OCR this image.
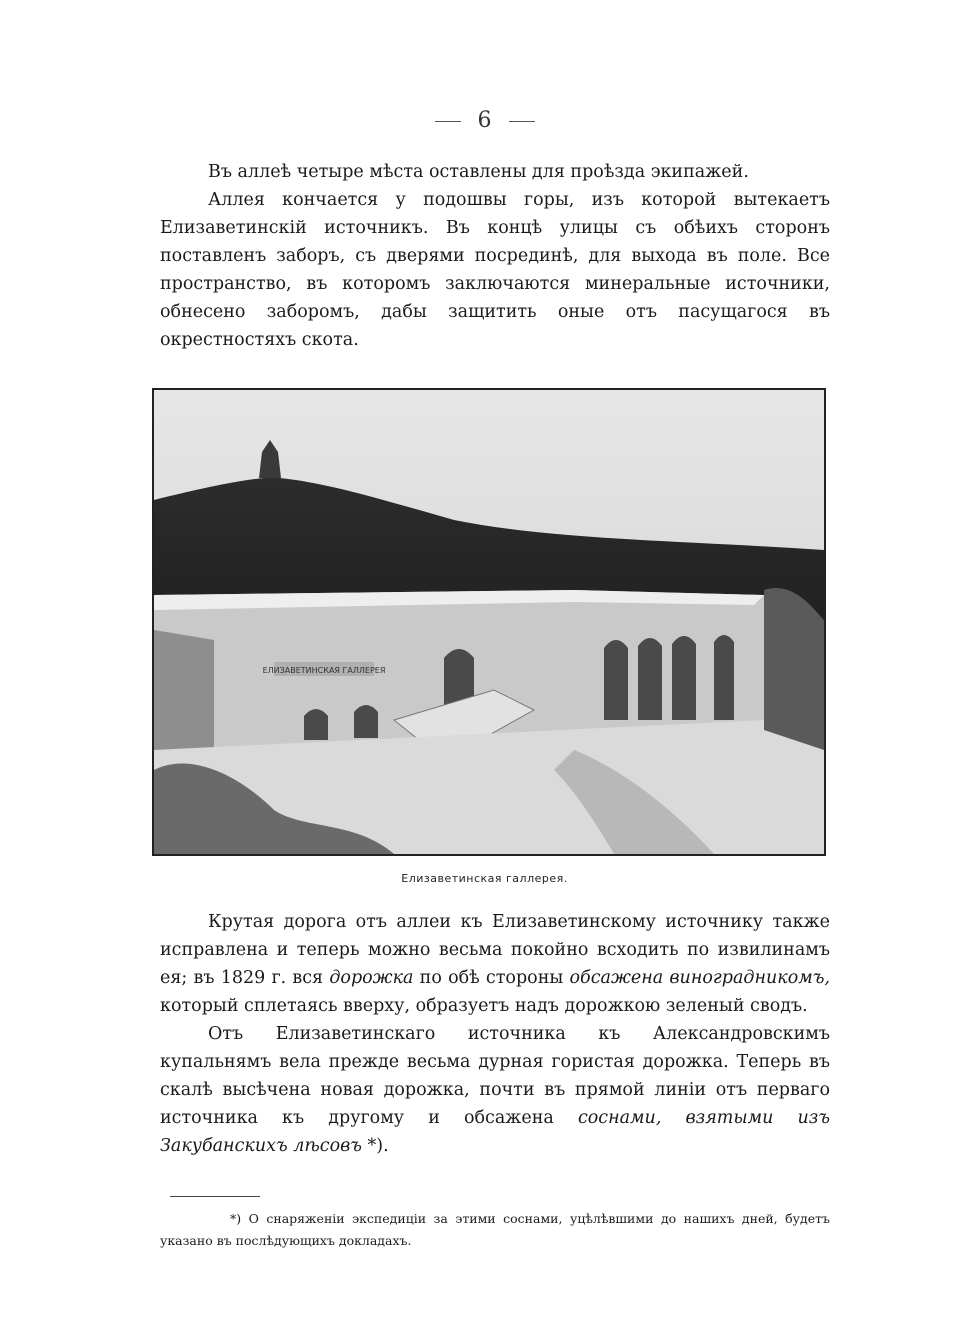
6

Въ аллеѣ четыре мѣста оставлены для проѣзда экипажей.

Аллея кончается у подошвы горы, изъ которой вытекаетъ Елизаветинскій источникъ. Въ концѣ улицы съ обѣихъ сторонъ поставленъ заборъ, съ дверями посрединѣ, для выхода въ поле. Все пространство, въ которомъ заключаются минеральные источники, обнесено заборомъ, дабы защитить оные отъ пасущагося въ окрестностяхъ скота.

ЕЛИЗАВЕТИНСКАЯ ГАЛЛЕРЕЯ
Елизаветинская галлерея.

Крутая дорога отъ аллеи къ Елизаветинскому источнику также исправлена и теперь можно весьма покойно всходить по извилинамъ ея; въ 1829 г. вся дорожка по обѣ стороны обсажена виноградникомъ, который сплетаясь вверху, образуетъ надъ дорожкою зеленый сводъ.

Отъ Елизаветинскаго источника къ Александровскимъ купальнямъ вела прежде весьма дурная гористая дорожка. Теперь въ скалѣ высѣчена новая дорожка, почти въ прямой линіи отъ перваго источника къ другому и обсажена соснами, взятыми изъ Закубанскихъ лѣсовъ *).

*) О снаряженіи экспедиціи за этими соснами, уцѣлѣвшими до нашихъ дней, будетъ указано въ послѣдующихъ докладахъ.
